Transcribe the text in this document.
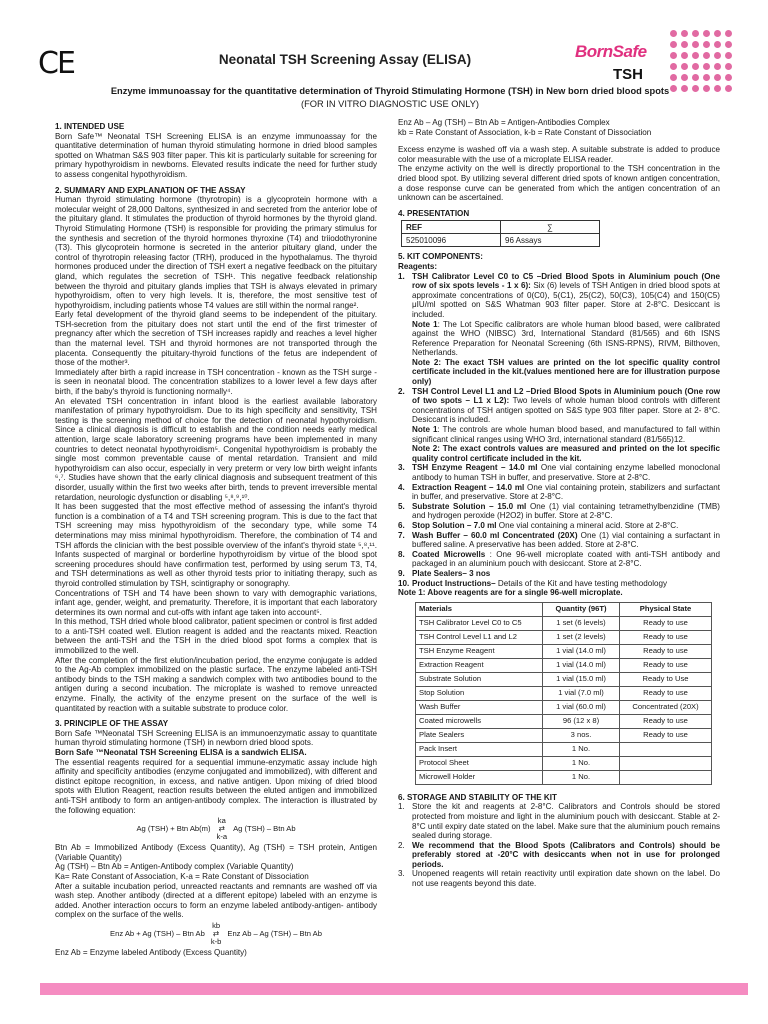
CE	Neonatal TSH Screening Assay (ELISA)	BornSafe
TSH
Enzyme immunoassay for the quantitative determination of Thyroid Stimulating Hormone (TSH) in New born dried blood spots
(FOR IN VITRO DIAGNOSTIC USE ONLY)
1. INTENDED USE

Born Safe™ Neonatal TSH Screening ELISA is an enzyme immunoassay for the quantitative determination of human thyroid stimulating hormone in dried blood samples spotted on Whatman S&S 903 filter paper. This kit is particularly suitable for screening for primary hypothyroidism in newborns. Elevated results indicate the need for further study to assess congenital hypothyroidism.

2. SUMMARY AND EXPLANATION OF THE ASSAY

Human thyroid stimulating hormone (thyrotropin) is a glycoprotein hormone with a molecular weight of 28,000 Daltons, synthesized in and secreted from the anterior lobe of the pituitary gland. It stimulates the production of thyroid hormones by the thyroid gland. Thyroid Stimulating Hormone (TSH) is responsible for providing the primary stimulus for the synthesis and secretion of the thyroid hormones thyroxine (T4) and triiodothyronine (T3). This glycoprotein hormone is secreted in the anterior pituitary gland, under the control of thyrotropin releasing factor (TRH), produced in the hypothalamus. The thyroid hormones produced under the direction of TSH exert a negative feedback on the pituitary gland, which regulates the secretion of TSH¹. This negative feedback relationship between the thyroid and pituitary glands implies that TSH is always elevated in primary hypothyroidism, often to very high levels. It is, therefore, the most sensitive test of hypothyroidism, including patients whose T4 values are still within the normal range².

Early fetal development of the thyroid gland seems to be independent of the pituitary. TSH-secretion from the pituitary does not start until the end of the first trimester of pregnancy after which the secretion of TSH increases rapidly and reaches a level higher than the maternal level. TSH and thyroid hormones are not transported through the placenta. Consequently the pituitary-thyroid functions of the fetus are independent of those of the mother³.

Immediately after birth a rapid increase in TSH concentration - known as the TSH surge - is seen in neonatal blood. The concentration stabilizes to a lower level a few days after birth, if the baby's thyroid is functioning normally⁴.

An elevated TSH concentration in infant blood is the earliest available laboratory manifestation of primary hypothyroidism. Due to its high specificity and sensitivity, TSH testing is the screening method of choice for the detection of neonatal hypothyroidism. Since a clinical diagnosis is difficult to establish and the condition needs early medical attention, large scale laboratory screening programs have been implemented in many countries to detect neonatal hypothyroidism⁵. Congenital hypothyroidism is probably the single most common preventable cause of mental retardation. Transient and mild hypothyroidism can also occur, especially in very preterm or very low birth weight infants ⁶,⁷. Studies have shown that the early clinical diagnosis and subsequent treatment of this disorder, usually within the first two weeks after birth, tends to prevent irreversible mental retardation, neurologic dysfunction or disabling ⁵,⁸,⁹,¹⁰.

It has been suggested that the most effective method of assessing the infant's thyroid function is a combination of a T4 and TSH screening program. This is due to the fact that TSH screening may miss hypothyroidism of the secondary type, while some T4 determinations may miss minimal hypothyroidism. Therefore, the combination of T4 and TSH affords the clinician with the best possible overview of the infant's thyroid state ⁵,⁸,¹¹. Infants suspected of marginal or borderline hypothyroidism by virtue of the blood spot screening procedures should have confirmation test, performed by using serum T3, T4, and TSH determinations as well as other thyroid tests prior to initiating therapy, such as thyroid controlled stimulation by TSH, scintigraphy or sonography.

Concentrations of TSH and T4 have been shown to vary with demographic variations, infant age, gender, weight, and prematurity. Therefore, it is important that each laboratory determines its own normal and cut-offs with infant age taken into account⁵.

In this method, TSH dried whole blood calibrator, patient specimen or control is first added to a anti-TSH coated well. Elution reagent is added and the reactants mixed. Reaction between the anti-TSH and the TSH in the dried blood spot forms a complex that is immobilized to the well.

After the completion of the first elution/incubation period, the enzyme conjugate is added to the Ag-Ab complex immobilized on the plastic surface. The enzyme labeled anti-TSH antibody binds to the TSH making a sandwich complex with two antibodies bound to the antigen during a second incubation. The microplate is washed to remove unreacted enzyme. Finally, the activity of the enzyme present on the surface of the well is quantitated by reaction with a suitable substrate to produce color.

3. PRINCIPLE OF THE ASSAY

Born Safe ™Neonatal TSH Screening ELISA is an immunoenzymatic assay to quantitate human thyroid stimulating hormone (TSH) in newborn dried blood spots.

Born Safe ™Neonatal TSH Screening ELISA is a sandwich ELISA.

The essential reagents required for a sequential immune-enzymatic assay include high affinity and specificity antibodies (enzyme conjugated and immobilized), with different and distinct epitope recognition, in excess, and native antigen. Upon mixing of dried blood spots with Elution Reagent, reaction results between the eluted antigen and immobilized anti-TSH antibody to form an antigen-antibody complex. The interaction is illustrated by the following equation:

Ag (TSH) + Btn Ab(m)
ka
⇄
k-a
Ag (TSH) – Btn Ab

Btn Ab = Immobilized Antibody (Excess Quantity), Ag (TSH) = TSH protein, Antigen (Variable Quantity)

Ag (TSH) – Btn Ab = Antigen-Antibody complex (Variable Quantity)

Ka= Rate Constant of Association, K-a = Rate Constant of Dissociation

After a suitable incubation period, unreacted reactants and remnants are washed off via wash step. Another antibody (directed at a different epitope) labeled with an enzyme is added. Another interaction occurs to form an enzyme labeled antibody-antigen- antibody complex on the surface of the wells.

Enz Ab + Ag (TSH) – Btn Ab
kb
⇄
k-b
Enz Ab – Ag (TSH) – Btn Ab

Enz Ab = Enzyme labeled Antibody (Excess Quantity)

Enz Ab – Ag (TSH) – Btn Ab = Antigen-Antibodies Complex

kb = Rate Constant of Association, k-b = Rate Constant of Dissociation

Excess enzyme is washed off via a wash step. A suitable substrate is added to produce color measurable with the use of a microplate ELISA reader.

The enzyme activity on the well is directly proportional to the TSH concentration in the dried blood spot. By utilizing several different dried spots of known antigen concentration, a dose response curve can be generated from which the antigen concentration of an unknown can be ascertained.

4. PRESENTATION
REF	∑
525010096	96 Assays
5. KIT COMPONENTS:
Reagents:
1. TSH Calibrator Level C0 to C5 –Dried Blood Spots in Aluminium pouch (One row of six spots levels - 1 x 6): Six (6) levels of TSH Antigen in dried blood spots at approximate concentrations of 0(C0), 5(C1), 25(C2), 50(C3), 105(C4) and 150(C5) μIU/ml spotted on S&S Whatman 903 filter paper. Store at 2-8°C. Desiccant is included.

Note 1: The Lot Specific calibrators are whole human blood based, were calibrated against the WHO (NIBSC) 3rd, International Standard (81/565) and 6th ISNS Reference Preparation for Neonatal Screening (6th ISNS-RPNS), RIVM, Bilthoven, Netherlands.

Note 2: The exact TSH values are printed on the lot specific quality control certificate included in the kit.(values mentioned here are for illustration purpose only)

2. TSH Control Level L1 and L2 –Dried Blood Spots in Aluminium pouch (One row of two spots – L1 x L2): Two levels of whole human blood controls with different concentrations of TSH antigen spotted on S&S type 903 filter paper. Store at 2- 8°C. Desiccant is included.

Note 1: The controls are whole human blood based, and manufactured to fall within significant clinical ranges using WHO 3rd, international standard (81/565)12.

Note 2: The exact controls values are measured and printed on the lot specific quality control certificate included in the kit.

3. TSH Enzyme Reagent – 14.0 ml One vial containing enzyme labelled monoclonal antibody to human TSH in buffer, and preservative. Store at 2-8°C.
4. Extraction Reagent – 14.0 ml One vial containing protein, stabilizers and surfactant in buffer, and preservative. Store at 2-8°C.
5. Substrate Solution – 15.0 ml One (1) vial containing tetramethylbenzidine (TMB) and hydrogen peroxide (H2O2) in buffer. Store at 2-8°C.
6. Stop Solution – 7.0 ml One vial containing a mineral acid. Store at 2-8°C.
7. Wash Buffer – 60.0 ml Concentrated (20X) One (1) vial containing a surfactant in buffered saline. A preservative has been added. Store at 2-8°C.
8. Coated Microwells : One 96-well microplate coated with anti-TSH antibody and packaged in an aluminium pouch with desiccant. Store at 2-8°C.
9. Plate Sealers– 3 nos
10. Product Instructions– Details of the Kit and have testing methodology
Note 1: Above reagents are for a single 96-well microplate.
Materials	Quantity (96T)	Physical State
TSH Calibrator Level C0 to C5	1 set (6 levels)	Ready to use
TSH Control Level L1 and L2	1 set (2 levels)	Ready to use
TSH Enzyme Reagent	1 vial (14.0 ml)	Ready to use
Extraction Reagent	1 vial (14.0 ml)	Ready to use
Substrate Solution	1 vial (15.0 ml)	Ready to Use
Stop Solution	1 vial (7.0 ml)	Ready to use
Wash Buffer	1 vial (60.0 ml)	Concentrated (20X)
Coated microwells	96 (12 x 8)	Ready to use
Plate Sealers	3 nos.	Ready to use
Pack Insert	1 No.	
Protocol Sheet	1 No.	
Microwell Holder	1 No.	
6. STORAGE AND STABILITY OF THE KIT
1. Store the kit and reagents at 2-8°C. Calibrators and Controls should be stored protected from moisture and light in the aluminium pouch with desiccant. Stable at 2-8°C until expiry date stated on the label. Make sure that the aluminium pouch remains sealed during storage.
2. We recommend that the Blood Spots (Calibrators and Controls) should be preferably stored at -20°C with desiccants when not in use for prolonged periods.
3. Unopened reagents will retain reactivity until expiration date shown on the label. Do not use reagents beyond this date.
